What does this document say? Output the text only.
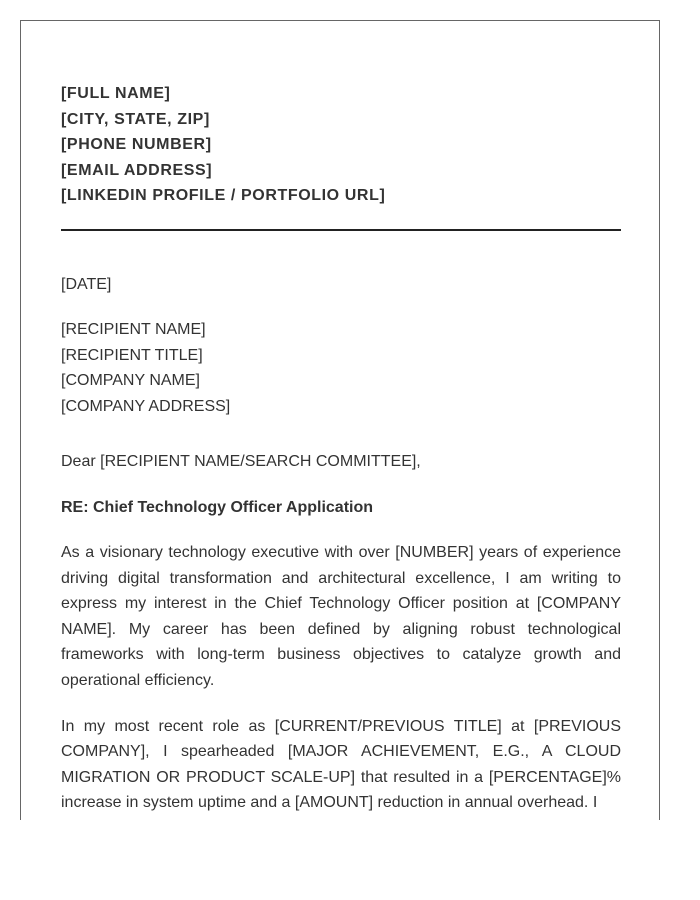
[FULL NAME]
[CITY, STATE, ZIP]
[PHONE NUMBER]
[EMAIL ADDRESS]
[LINKEDIN PROFILE / PORTFOLIO URL]
[DATE]
[RECIPIENT NAME]
[RECIPIENT TITLE]
[COMPANY NAME]
[COMPANY ADDRESS]
Dear [RECIPIENT NAME/SEARCH COMMITTEE],
RE: Chief Technology Officer Application
As a visionary technology executive with over [NUMBER] years of experience driving digital transformation and architectural excellence, I am writing to express my interest in the Chief Technology Officer position at [COMPANY NAME]. My career has been defined by aligning robust technological frameworks with long-term business objectives to catalyze growth and operational efficiency.
In my most recent role as [CURRENT/PREVIOUS TITLE] at [PREVIOUS COMPANY], I spearheaded [MAJOR ACHIEVEMENT, E.G., A CLOUD MIGRATION OR PRODUCT SCALE-UP] that resulted in a [PERCENTAGE]% increase in system uptime and a [AMOUNT] reduction in annual overhead. I
